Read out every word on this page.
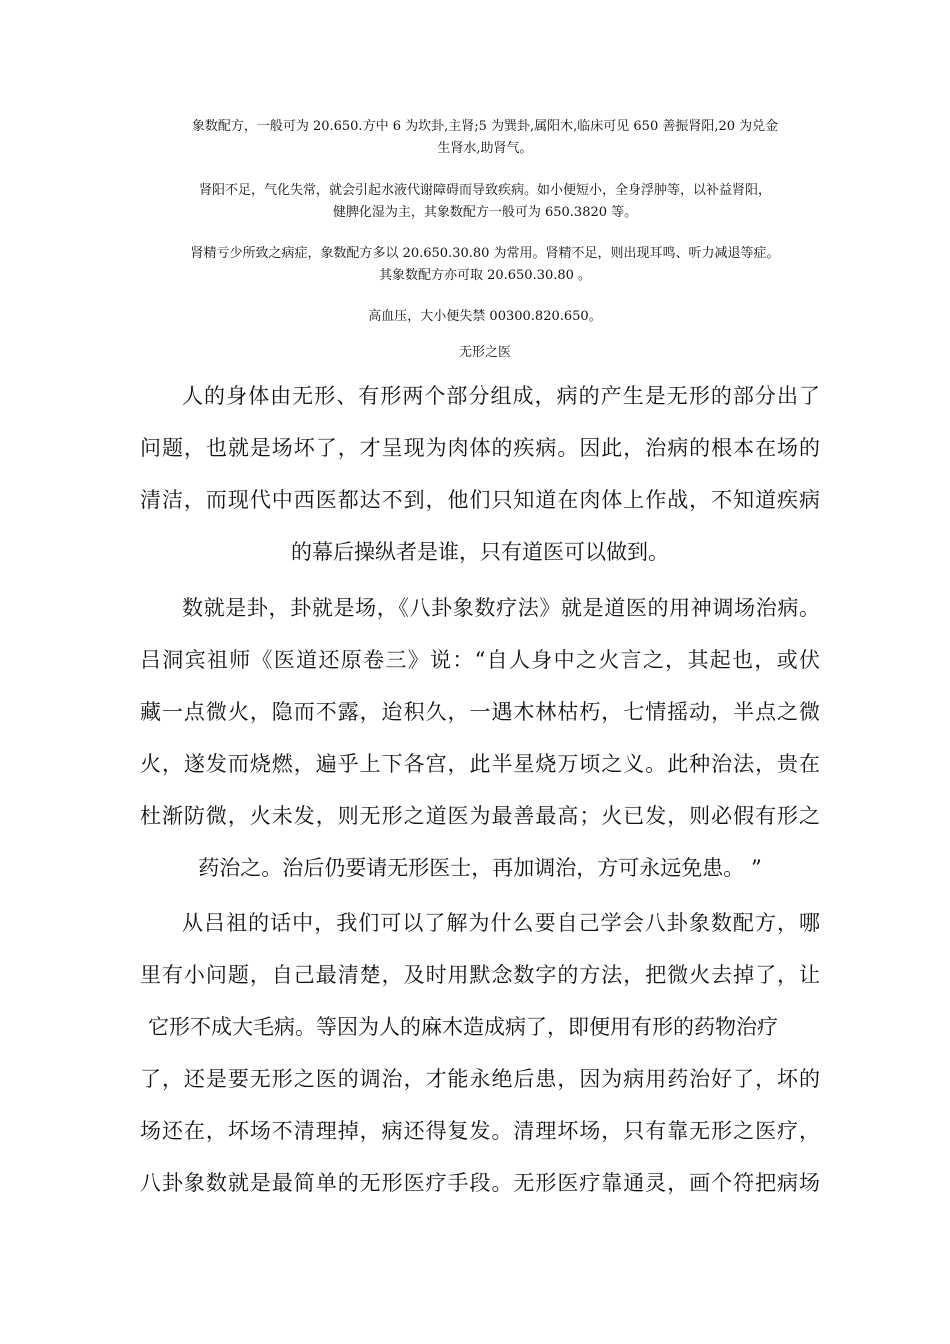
象数配方，一般可为 20.650.方中 6 为坎卦,主肾;5 为巽卦,属阳木,临床可见 650 善振肾阳,20 为兑金
生肾水,助肾气。

肾阳不足，气化失常，就会引起水液代谢障碍而导致疾病。如小便短小，全身浮肿等，以补益肾阳，
健脾化湿为主，其象数配方一般可为 650.3820 等。

肾精亏少所致之病症，象数配方多以 20.650.30.80 为常用。肾精不足，则出现耳鸣、听力减退等症。
其象数配方亦可取 20.650.30.80 。

高血压，大小便失禁 00300.820.650。

无形之医

人的身体由无形、有形两个部分组成，病的产生是无形的部分出了
问题，也就是场坏了，才呈现为肉体的疾病。因此，治病的根本在场的
清洁，而现代中西医都达不到，他们只知道在肉体上作战，不知道疾病
的幕后操纵者是谁，只有道医可以做到。
数就是卦，卦就是场，《八卦象数疗法》就是道医的用神调场治病。
吕洞宾祖师《医道还原卷三》说：“自人身中之火言之，其起也，或伏
藏一点微火，隐而不露，迨积久，一遇木林枯朽，七情摇动，半点之微
火，遂发而烧燃，遍乎上下各宫，此半星烧万顷之义。此种治法，贵在
杜渐防微，火未发，则无形之道医为最善最高；火已发，则必假有形之
药治之。治后仍要请无形医士，再加调治，方可永远免患。 ”
从吕祖的话中，我们可以了解为什么要自己学会八卦象数配方，哪
里有小问题，自己最清楚，及时用默念数字的方法，把微火去掉了，让
它形不成大毛病。等因为人的麻木造成病了，即便用有形的药物治疗
了，还是要无形之医的调治，才能永绝后患，因为病用药治好了，坏的
场还在，坏场不清理掉，病还得复发。清理坏场，只有靠无形之医疗，
八卦象数就是最简单的无形医疗手段。无形医疗靠通灵，画个符把病场
